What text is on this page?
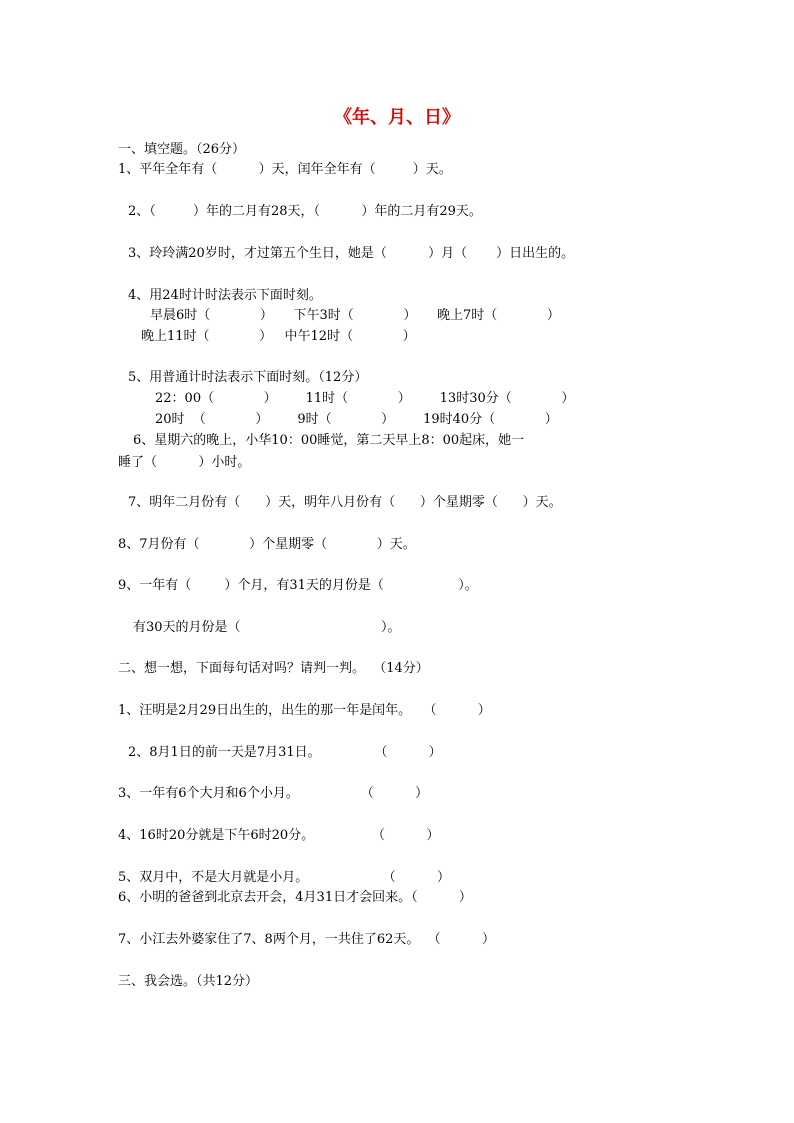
《年、月、日》
一、填空题。（26分）
1、平年全年有（          ）天，闰年全年有（         ）天。
2、（         ）年的二月有28天，（          ）年的二月有29天。
3、玲玲满20岁时，才过第五个生日，她是（          ）月（       ）日出生的。
4、用24时计时法表示下面时刻。
早晨6时（            ）     下午3时（            ）     晚上7时（            ）
晚上11时（            ）   中午12时（            ）
5、用普通计时法表示下面时刻。（12分）
22：00（            ）       11时（            ）       13时30分（            ）
20时  （            ）       9时（            ）       19时40分（            ）
6、星期六的晚上，小华10：00睡觉，第二天早上8：00起床，她一
睡了（          ）小时。
7、明年二月份有（      ）天，明年八月份有（      ）个星期零（      ）天。
8、7月份有（            ）个星期零（            ）天。
9、一年有（        ）个月，有31天的月份是（                  ）。
有30天的月份是（                                  ）。
二、想一想，下面每句话对吗？请判一判。  （14分）
1、汪明是2月29日出生的，出生的那一年是闰年。   （          ）
2、8月1日的前一天是7月31日。             （          ）
3、一年有6个大月和6个小月。               （          ）
4、16时20分就是下午6时20分。              （          ）
5、双月中，不是大月就是小月。                  （          ）
6、小明的爸爸到北京去开会，4月31日才会回来。（          ）
7、小江去外婆家住了7、8两个月，一共住了62天。  （          ）
三、我会选。（共12分）
